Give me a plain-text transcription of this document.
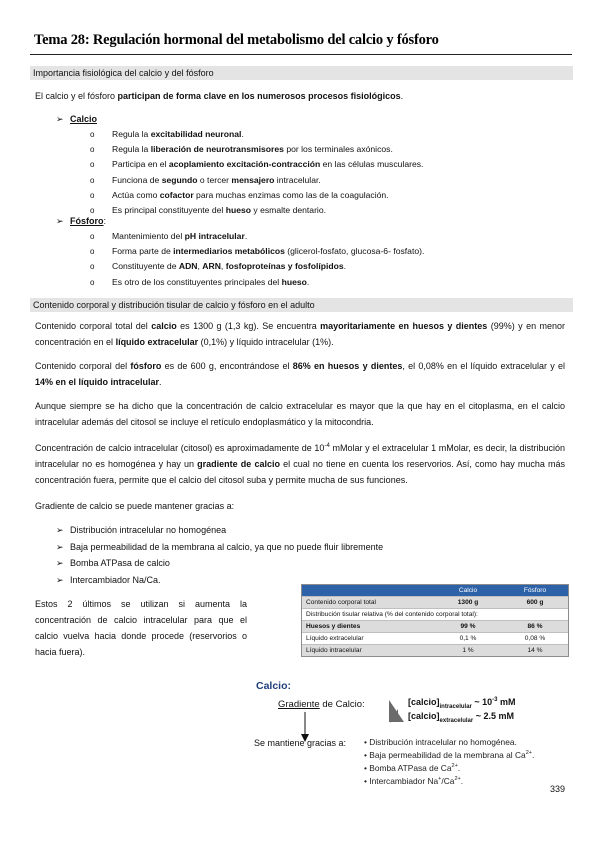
Tema 28: Regulación hormonal del metabolismo del calcio y fósforo
Importancia fisiológica del calcio y del fósforo
El calcio y el fósforo participan de forma clave en los numerosos procesos fisiológicos.
➢ Calcio
o Regula la excitabilidad neuronal.
o Regula la liberación de neurotransmisores por los terminales axónicos.
o Participa en el acoplamiento excitación-contracción en las células musculares.
o Funciona de segundo o tercer mensajero intracelular.
o Actúa como cofactor para muchas enzimas como las de la coagulación.
o Es principal constituyente del hueso y esmalte dentario.
➢ Fósforo:
o Mantenimiento del pH intracelular.
o Forma parte de intermediarios metabólicos (glicerol-fosfato, glucosa-6- fosfato).
o Constituyente de ADN, ARN, fosfoproteínas y fosfolípidos.
o Es otro de los constituyentes principales del hueso.
Contenido corporal y distribución tisular de calcio y fósforo en el adulto
Contenido corporal total del calcio es 1300 g (1,3 kg). Se encuentra mayoritariamente en huesos y dientes (99%) y en menor concentración en el líquido extracelular (0,1%) y líquido intracelular (1%).
Contenido corporal del fósforo es de 600 g, encontrándose el 86% en huesos y dientes, el 0,08% en el líquido extracelular y el 14% en el líquido intracelular.
Aunque siempre se ha dicho que la concentración de calcio extracelular es mayor que la que hay en el citoplasma, en el calcio intracelular además del citosol se incluye el retículo endoplasmático y la mitocondria.
Concentración de calcio intracelular (citosol) es aproximadamente de $10^{-4}$ mMolar y el extracelular 1 mMolar, es decir, la distribución intracelular no es homogénea y hay un gradiente de calcio el cual no tiene en cuenta los reservorios. Así, como hay mucha más concentración fuera, permite que el calcio del citosol suba y permite mucha de sus funciones.
Gradiente de calcio se puede mantener gracias a:
➢ Distribución intracelular no homogénea
➢ Baja permeabilidad de la membrana al calcio, ya que no puede fluir libremente
➢ Bomba ATPasa de calcio
➢ Intercambiador Na/Ca.
Estos 2 últimos se utilizan si aumenta la concentración de calcio intracelular para que el calcio vuelva hacia donde procede (reservorios o hacia fuera).
Calcio	Fósforo
Contenido corporal total	1300 g	600 g
Distribución tisular relativa (% del contenido corporal total):
Huesos y dientes	99 %	86 %
Líquido extracelular	0,1 %	0,08 %
Líquido intracelular	1 %	14 %
Calcio:
Gradiente de Calcio:	$[calcio]_{intracelular}$ ~ $10^{-3}$ mM
$[calcio]_{extracelular}$ ~ 2.5 mM
Se mantiene gracias a: • Distribución intracelular no homogénea.
• Baja permeabilidad de la membrana al $Ca^{2+}$.
• Bomba ATPasa de $Ca^{2+}$.
• Intercambiador $Na^+/Ca^{2+}$.
339
